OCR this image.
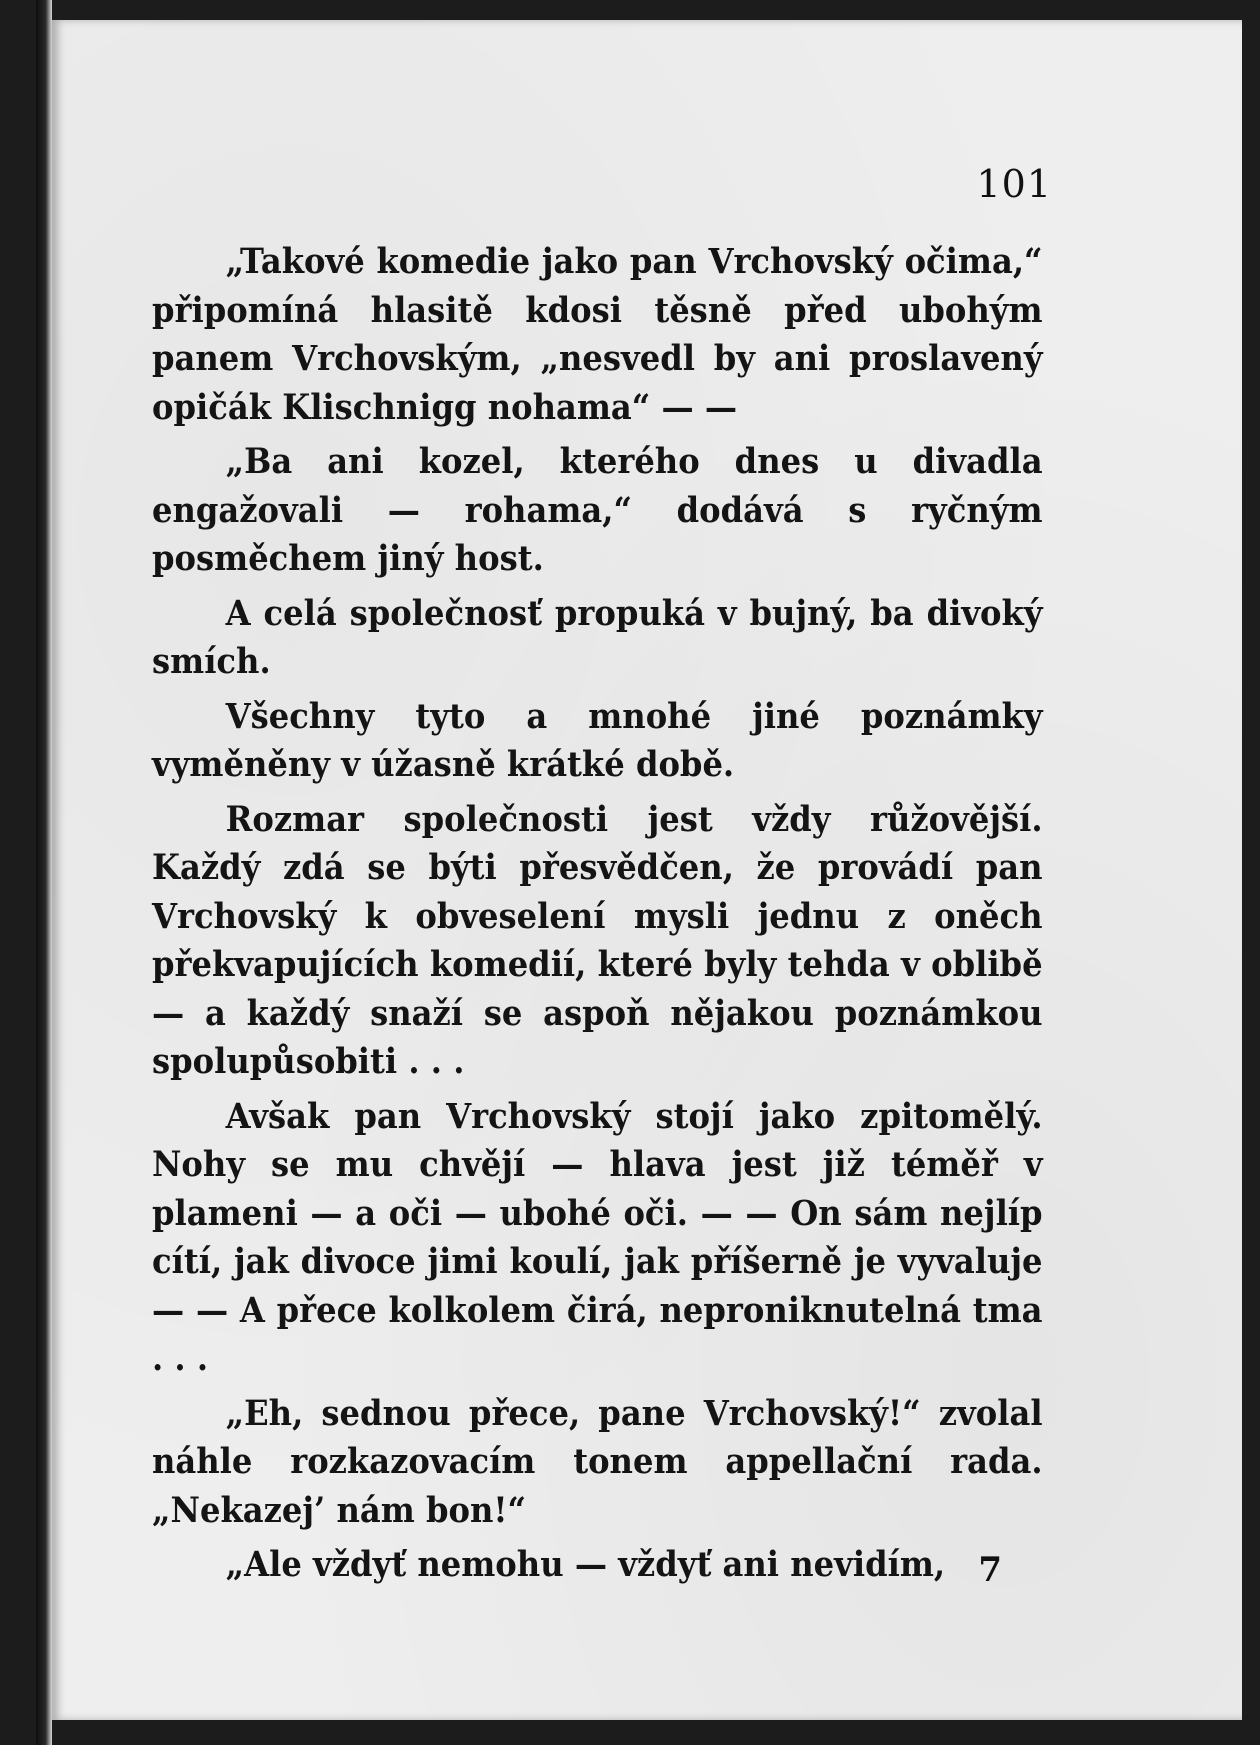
101

„Takové komedie jako pan Vrchovský očima,“ připomíná hlasitě kdosi těsně před ubohým panem Vrchovským, „nesvedl by ani proslavený opičák Klischnigg nohama“ — —

„Ba ani kozel, kterého dnes u divadla engažovali — rohama,“ dodává s ryčným posměchem jiný host.

A celá společnosť propuká v bujný, ba divoký smích.

Všechny tyto a mnohé jiné poznámky vyměněny v úžasně krátké době.

Rozmar společnosti jest vždy růžovější. Každý zdá se býti přesvědčen, že provádí pan Vrchovský k obveselení mysli jednu z oněch překvapujících komedií, které byly tehda v oblibě — a každý snaží se aspoň nějakou poznámkou spolupůsobiti . . .

Avšak pan Vrchovský stojí jako zpitomělý. Nohy se mu chvějí — hlava jest již téměř v plameni — a oči — ubohé oči. — — On sám nejlíp cítí, jak divoce jimi koulí, jak příšerně je vyvaluje — — A přece kolkolem čirá, neproniknutelná tma . . .

„Eh, sednou přece, pane Vrchovský!“ zvolal náhle rozkazovacím tonem appellační rada. „Nekazej’ nám bon!“

„Ale vždyť nemohu — vždyť ani nevidím, 7
